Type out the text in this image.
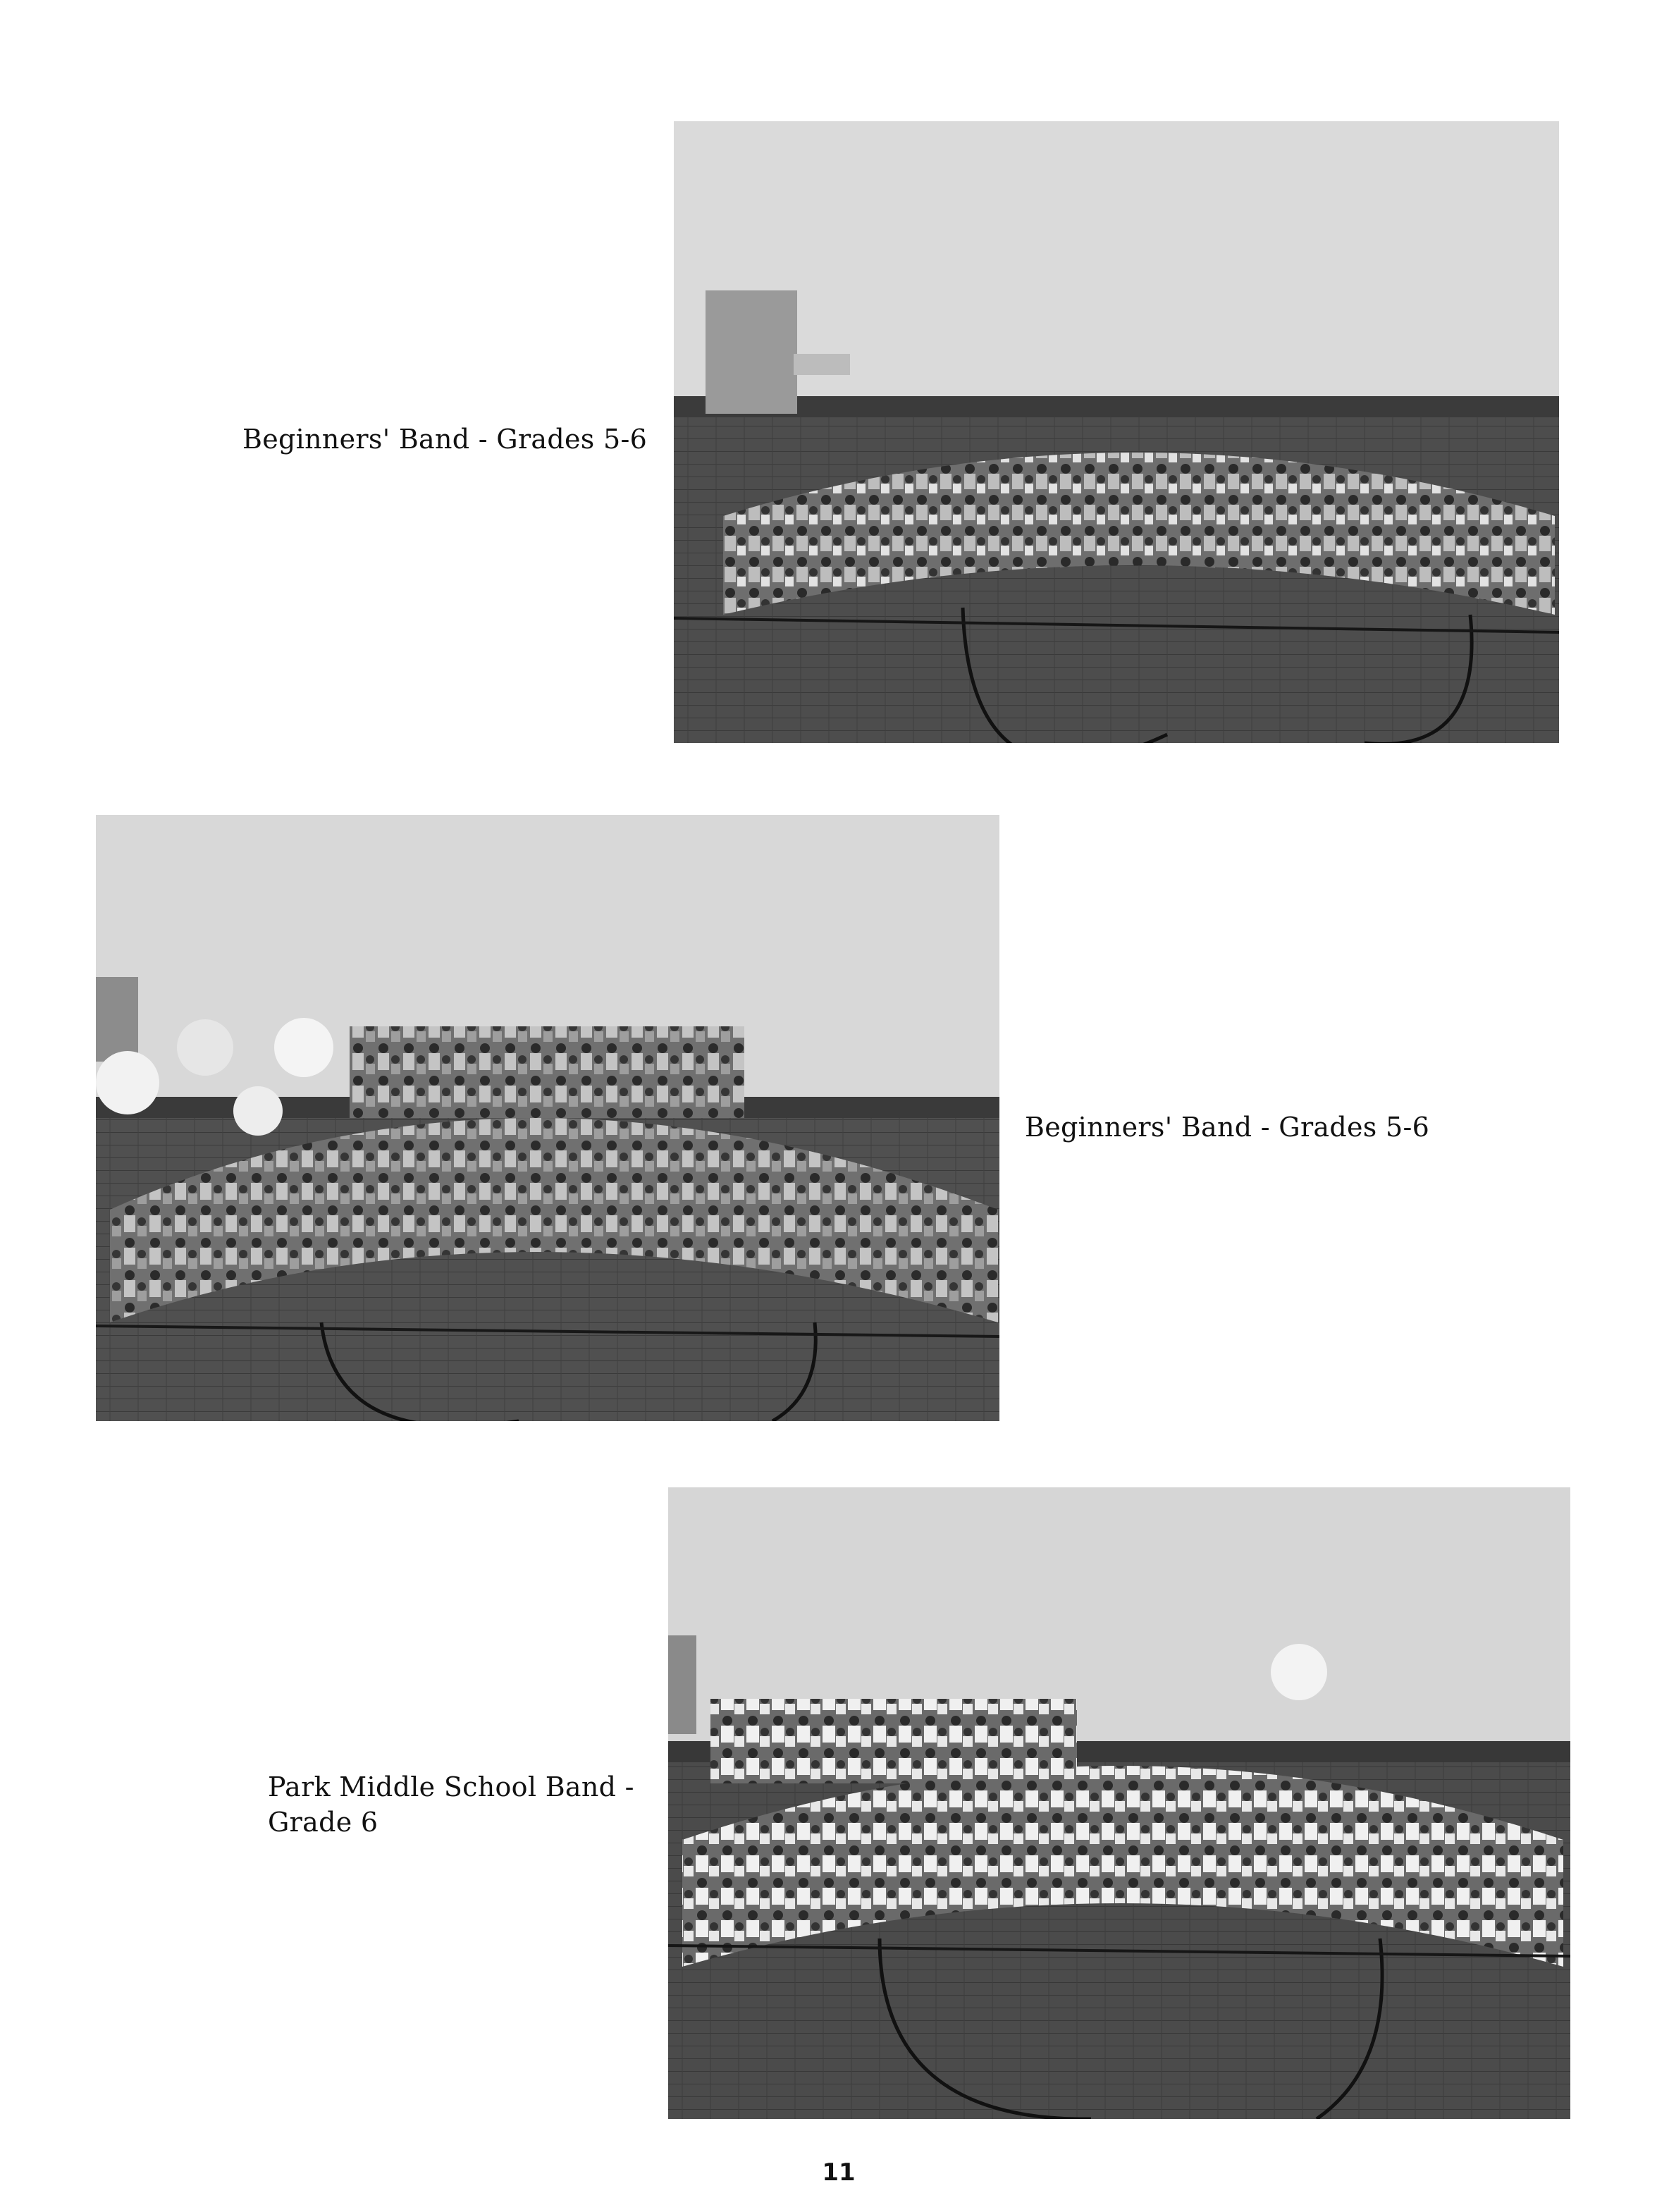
Beginners' Band - Grades 5-6
Beginners' Band - Grades 5-6
Park Middle School Band -
Grade 6
11
